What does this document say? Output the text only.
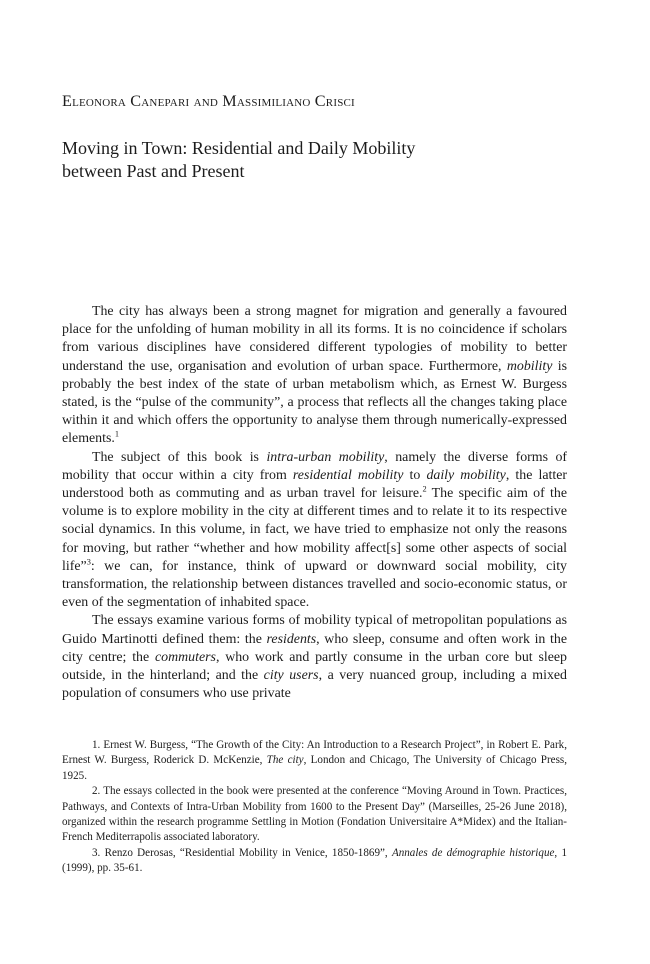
Eleonora Canepari and Massimiliano Crisci
Moving in Town: Residential and Daily Mobility
between Past and Present

The city has always been a strong magnet for migration and generally a favoured place for the unfolding of human mobility in all its forms. It is no coincidence if scholars from various disciplines have considered different typologies of mobility to better understand the use, organisation and evolution of urban space. Furthermore, mobility is probably the best index of the state of urban metabolism which, as Ernest W. Burgess stated, is the “pulse of the community”, a process that reflects all the changes taking place within it and which offers the opportunity to analyse them through numerically-expressed elements.$^1$

The subject of this book is intra-urban mobility, namely the diverse forms of mobility that occur within a city from residential mobility to daily mobility, the latter understood both as commuting and as urban travel for leisure.$^2$ The specific aim of the volume is to explore mobility in the city at different times and to relate it to its respective social dynamics. In this volume, in fact, we have tried to emphasize not only the reasons for moving, but rather “whether and how mobility affect[s] some other aspects of social life”$^3$: we can, for instance, think of upward or downward social mobility, city transformation, the relationship between distances travelled and socio-economic status, or even of the segmentation of inhabited space.

The essays examine various forms of mobility typical of metropolitan populations as Guido Martinotti defined them: the residents, who sleep, consume and often work in the city centre; the commuters, who work and partly consume in the urban core but sleep outside, in the hinterland; and the city users, a very nuanced group, including a mixed population of consumers who use private

1. Ernest W. Burgess, “The Growth of the City: An Introduction to a Research Project”, in Robert E. Park, Ernest W. Burgess, Roderick D. McKenzie, The city, London and Chicago, The University of Chicago Press, 1925.

2. The essays collected in the book were presented at the conference “Moving Around in Town. Practices, Pathways, and Contexts of Intra-Urban Mobility from 1600 to the Present Day” (Marseilles, 25-26 June 2018), organized within the research programme Settling in Motion (Fondation Universitaire A*Midex) and the Italian-French Mediterrapolis associated laboratory.

3. Renzo Derosas, “Residential Mobility in Venice, 1850-1869”, Annales de démographie historique, 1 (1999), pp. 35-61.
